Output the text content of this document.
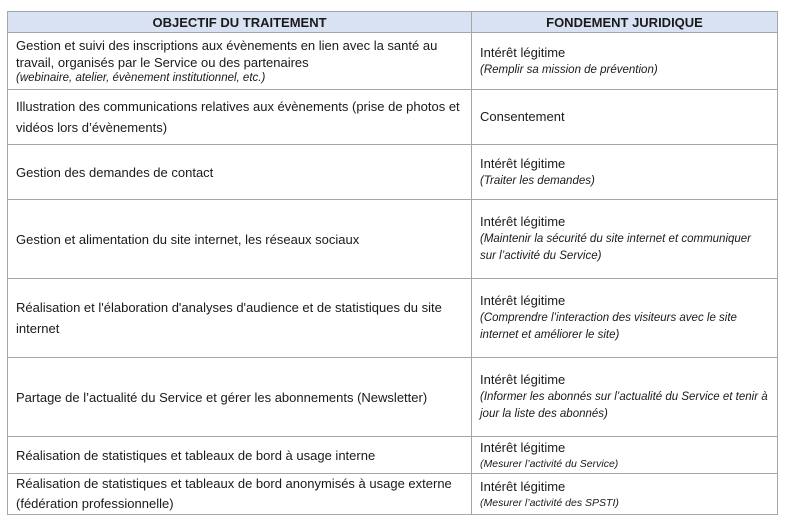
OBJECTIF DU TRAITEMENT	FONDEMENT JURIDIQUE

Gestion et suivi des inscriptions aux évènements en lien avec la santé au travail, organisés par le Service ou des partenaires
(webinaire, atelier, évènement institutionnel, etc.)	Intérêt légitime
(Remplir sa mission de prévention)

Illustration des communications relatives aux évènements (prise de photos et vidéos lors d’évènements)	Consentement

Gestion des demandes de contact	Intérêt légitime
(Traiter les demandes)

Gestion et alimentation du site internet, les réseaux sociaux	Intérêt légitime
(Maintenir la sécurité du site internet et communiquer sur l’activité du Service)

Réalisation et l'élaboration d'analyses d'audience et de statistiques du site internet	Intérêt légitime
(Comprendre l’interaction des visiteurs avec le site internet et améliorer le site)

Partage de l’actualité du Service et gérer les abonnements (Newsletter)	Intérêt légitime
(Informer les abonnés sur l’actualité du Service et tenir à jour la liste des abonnés)

Réalisation de statistiques et tableaux de bord à usage interne	Intérêt légitime
(Mesurer l’activité du Service)

Réalisation de statistiques et tableaux de bord anonymisés à usage externe (fédération professionnelle)	Intérêt légitime
(Mesurer l’activité des SPSTI)
